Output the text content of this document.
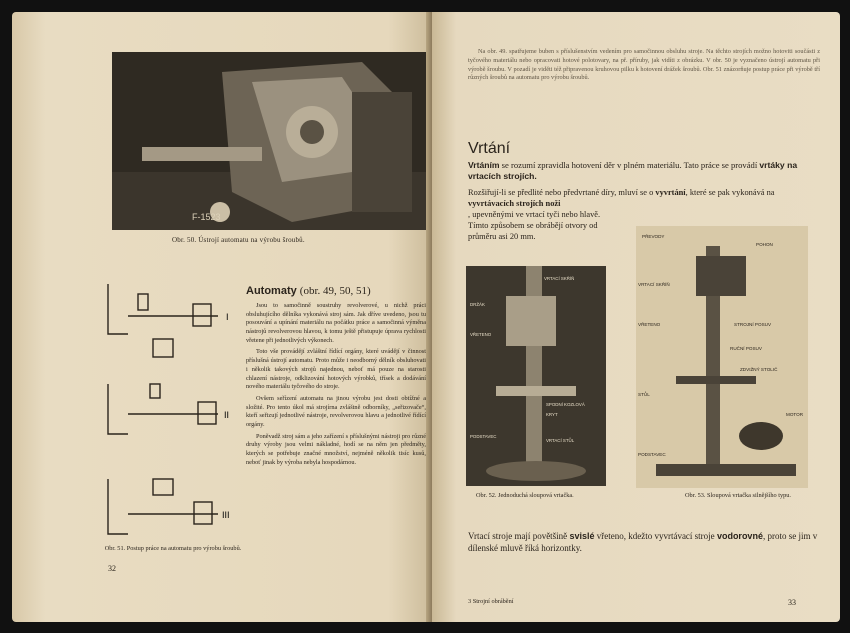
F-1523
Obr. 50. Ústrojí automatu na výrobu šroubů.
I
II
III
Automaty (obr. 49, 50, 51)

Jsou to samočinně soustruhy revolverové, u nichž práci obsluhujícího dělníka vykonává stroj sám. Jak dříve uvedeno, jsou tu posouvání a upínání materiálu na počátku práce a samočinná výměna nástrojů revolverovou hlavou, k tomu ještě přistupuje úprava rychlosti vřetene při jednotlivých výkonech.

Toto vše provádějí zvláštní řídící orgány, které uvádějí v činnost příslušná ústrojí automatu. Proto může i neodborný dělník obsluhovati i několik takových strojů najednou, neboť má pouze na starosti chlazení nástroje, odklizování hotových výrobků, třísek a dodávání nového materiálu tyčového do stroje.

Ovšem seřízení automatu na jinou výrobu jest dosti obtížné a složité. Pro tento úkol má strojírna zvláštně odborníky, „seřizovače“, kteří seřizují jednotlivé nástroje, revolverovou hlavu a jednotlivé řídící orgány.

Poněvadž stroj sám a jeho zařízení s příslušnými nástroji pro různé druhy výroby jsou velmi nákladné, hodí se na něm jen předměty, kterých se potřebuje značné množství, nejméně několik tisíc kusů, neboť jinak by výroba nebyla hospodárnou.

Obr. 51. Postup práce na automatu pro výrobu šroubů.
32

Na obr. 49. spatřujeme buben s příslušenstvím vedením pro samočinnou obsluhu stroje. Na těchto strojích možno hotoviti součásti z tyčového materiálu nebo opracovati hotové polotovary, na př. příruby, jak vidíti z obrázku. V obr. 50 je vyznačeno ústrojí automatu při výrobě šroubu. V pozadí je viděti též připravenou kruhovou pilku k hotovení drážek šroubů. Obr. 51 znázorňuje postup práce při výrobě tří různých šroubů na automatu pro výrobu šroubů.

Vrtání
Vrtáním se rozumí zpravidla hotovení děr v plném materiálu. Tato práce se provádí vrtáky na vrtacích strojích.

Rozšiřují-li se předlité nebo předvrtané díry, mluví se o vyvrtání, které se pak vykonává na vyvrtávacích strojích noži
, upevněnými ve vrtací tyči nebo hlavě. Tímto způsobem se obrábějí otvory od průměru asi 20 mm.

VRTACÍ SKŘÍŇ
DRŽÁK
VŘETENO
SPODNÍ KOZLOVÁ
KRYT
VRTACÍ STŮL
PODSTAVEC
PŘEVODY
POHON
VRTACÍ SKŘÍŇ
VŘETENO	STROJNÍ POSUV
RUČNÍ POSUV
STŮL
ZDVIŽNÝ STOLIČ
MOTOR
PODSTAVEC
Obr. 52. Jednoduchá sloupová vrtačka.	Obr. 53. Sloupová vrtačka silnějšího typu.
Vrtací stroje mají povětšině svislé vřeteno, kdežto vyvrtávací stroje vodorovné, proto se jim v dílenské mluvě říká horizontky.
3 Strojní obrábění	33
